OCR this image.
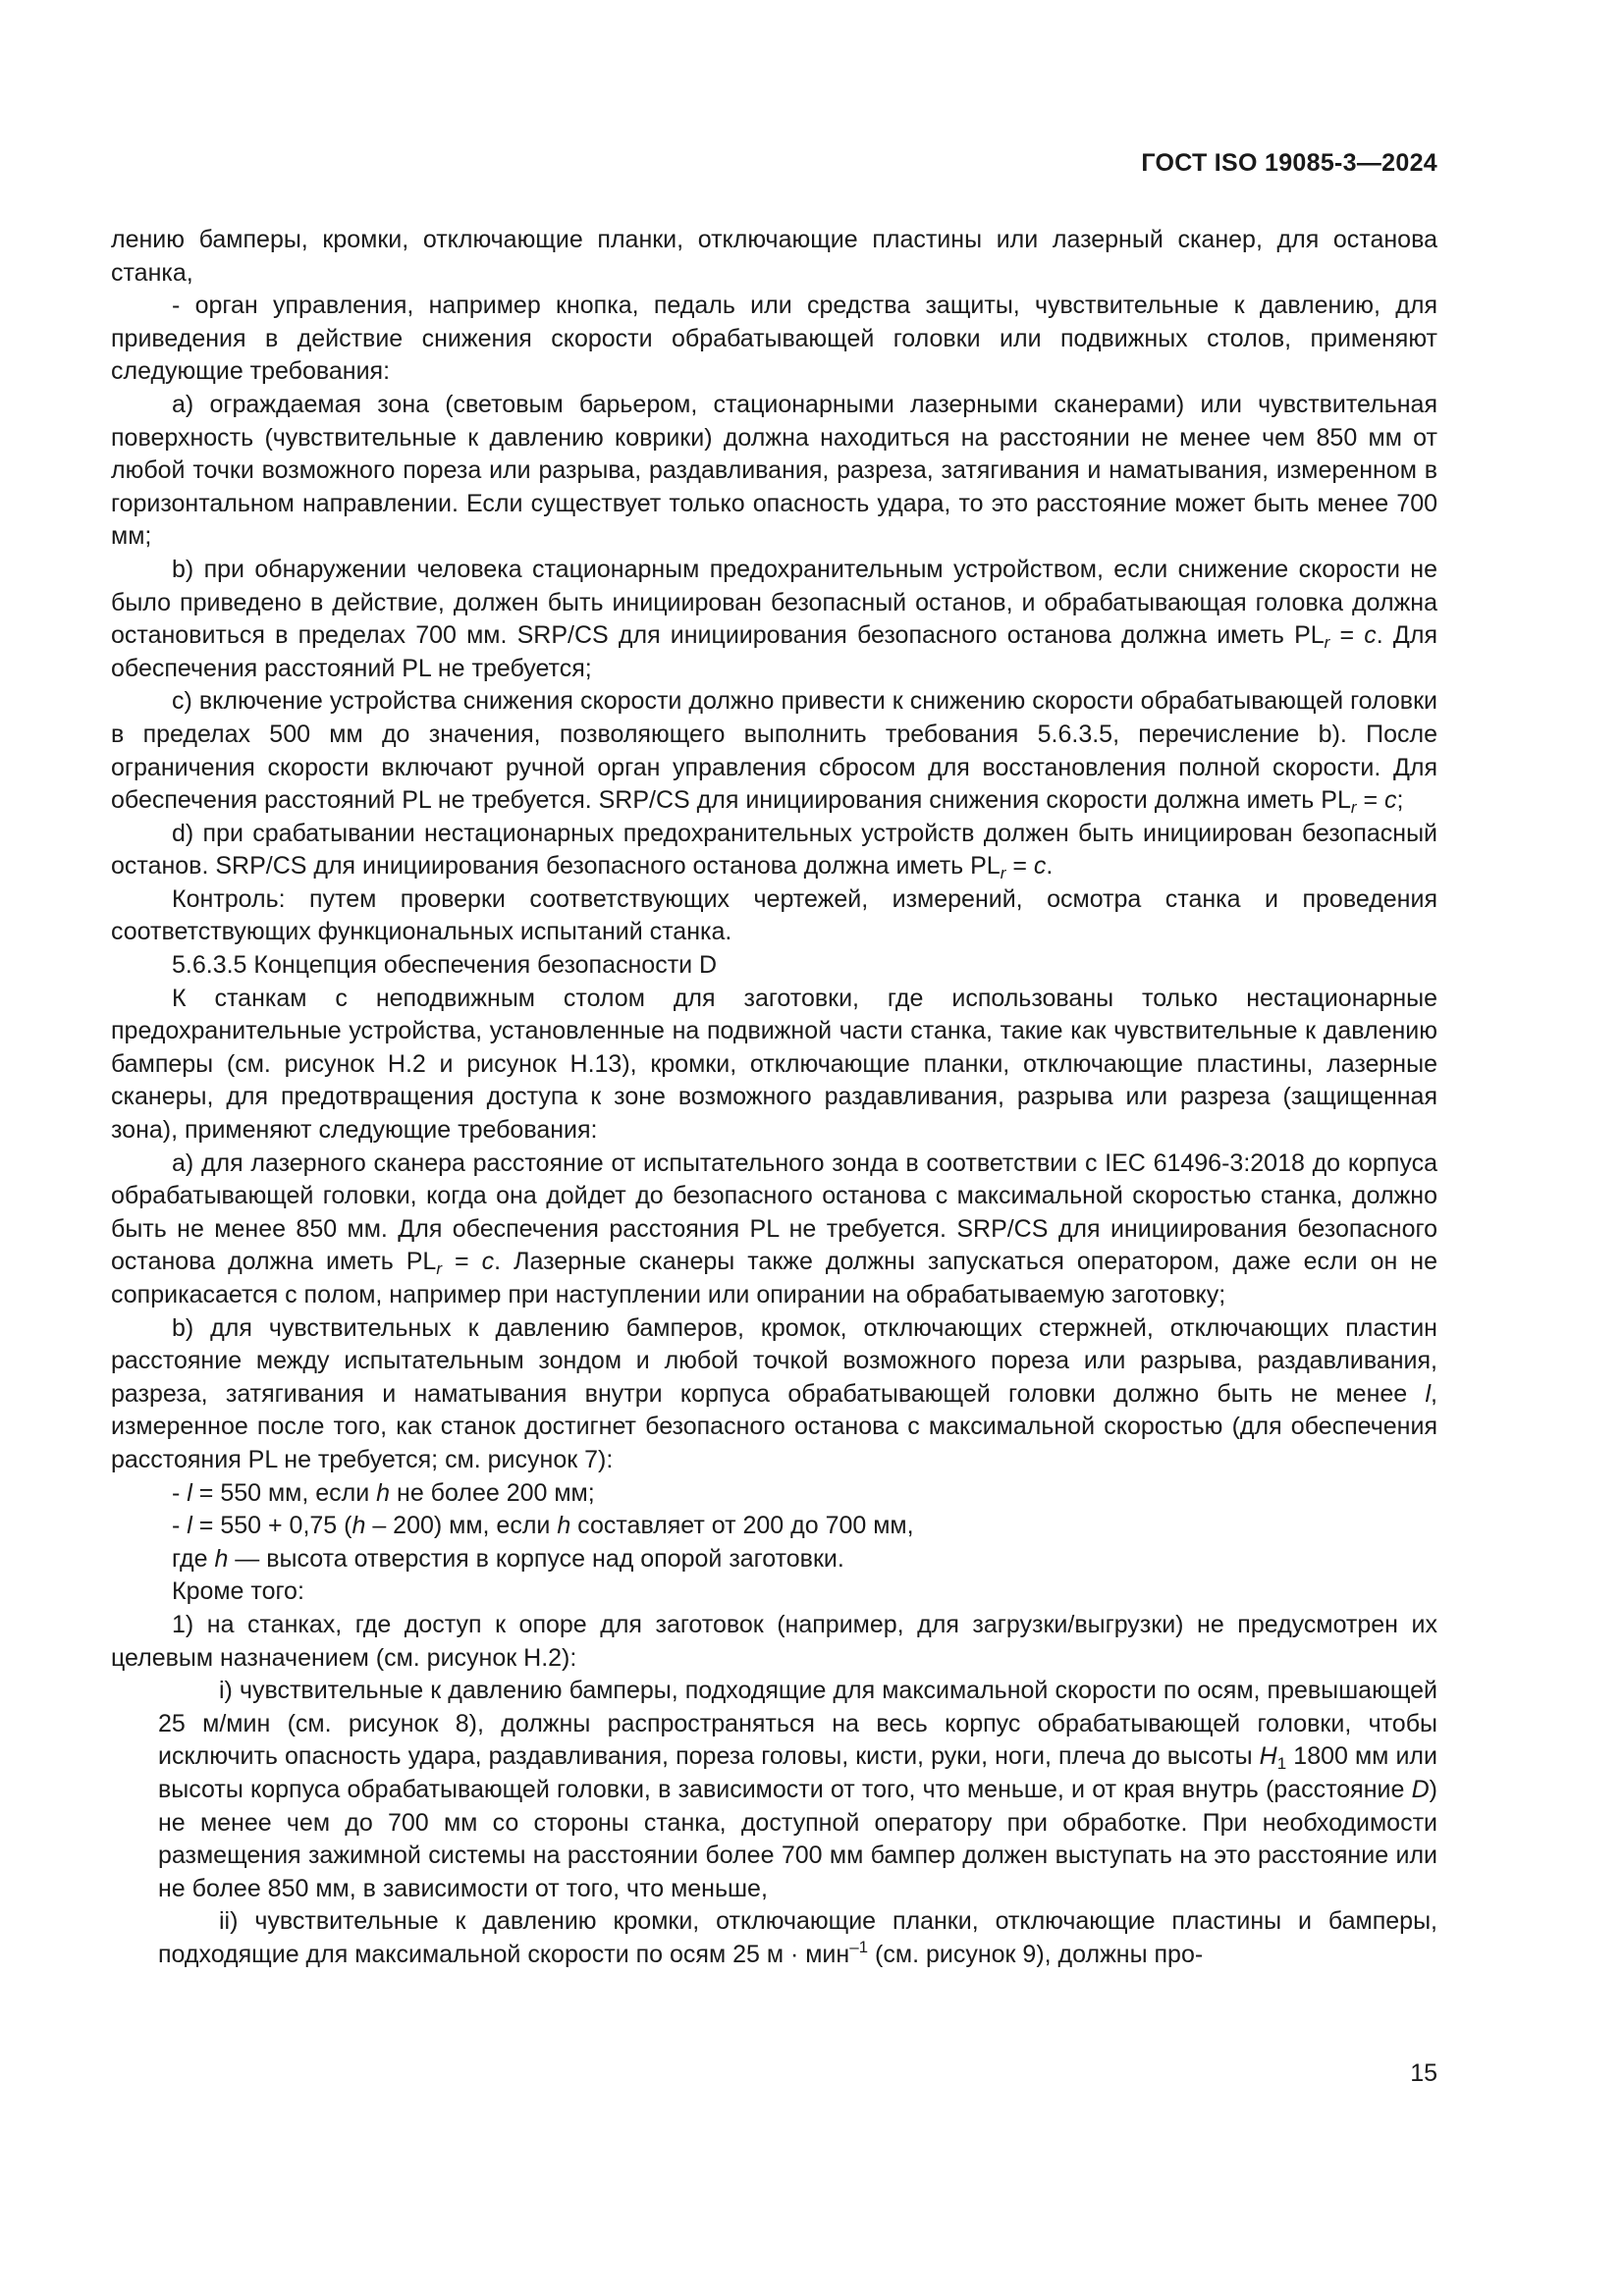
ГОСТ ISO 19085-3—2024

лению бамперы, кромки, отключающие планки, отключающие пластины или лазерный сканер, для останова станка,

- орган управления, например кнопка, педаль или средства защиты, чувствительные к давлению, для приведения в действие снижения скорости обрабатывающей головки или подвижных столов, применяют следующие требования:

а) ограждаемая зона (световым барьером, стационарными лазерными сканерами) или чувствительная поверхность (чувствительные к давлению коврики) должна находиться на расстоянии не менее чем 850 мм от любой точки возможного пореза или разрыва, раздавливания, разреза, затягивания и наматывания, измеренном в горизонтальном направлении. Если существует только опасность удара, то это расстояние может быть менее 700 мм;

b) при обнаружении человека стационарным предохранительным устройством, если снижение скорости не было приведено в действие, должен быть инициирован безопасный останов, и обрабатывающая головка должна остановиться в пределах 700 мм. SRP/CS для инициирования безопасного останова должна иметь $PL_r = c$. Для обеспечения расстояний PL не требуется;

c) включение устройства снижения скорости должно привести к снижению скорости обрабатывающей головки в пределах 500 мм до значения, позволяющего выполнить требования 5.6.3.5, перечисление b). После ограничения скорости включают ручной орган управления сбросом для восстановления полной скорости. Для обеспечения расстояний PL не требуется. SRP/CS для инициирования снижения скорости должна иметь $PL_r = c$;

d) при срабатывании нестационарных предохранительных устройств должен быть инициирован безопасный останов. SRP/CS для инициирования безопасного останова должна иметь $PL_r = c$.

Контроль: путем проверки соответствующих чертежей, измерений, осмотра станка и проведения соответствующих функциональных испытаний станка.

5.6.3.5 Концепция обеспечения безопасности D

К станкам с неподвижным столом для заготовки, где использованы только нестационарные предохранительные устройства, установленные на подвижной части станка, такие как чувствительные к давлению бамперы (см. рисунок Н.2 и рисунок Н.13), кромки, отключающие планки, отключающие пластины, лазерные сканеры, для предотвращения доступа к зоне возможного раздавливания, разрыва или разреза (защищенная зона), применяют следующие требования:

a) для лазерного сканера расстояние от испытательного зонда в соответствии с IEC 61496-3:2018 до корпуса обрабатывающей головки, когда она дойдет до безопасного останова с максимальной скоростью станка, должно быть не менее 850 мм. Для обеспечения расстояния PL не требуется. SRP/CS для инициирования безопасного останова должна иметь $PL_r = c$. Лазерные сканеры также должны запускаться оператором, даже если он не соприкасается с полом, например при наступлении или опирании на обрабатываемую заготовку;

b) для чувствительных к давлению бамперов, кромок, отключающих стержней, отключающих пластин расстояние между испытательным зондом и любой точкой возможного пореза или разрыва, раздавливания, разреза, затягивания и наматывания внутри корпуса обрабатывающей головки должно быть не менее l, измеренное после того, как станок достигнет безопасного останова с максимальной скоростью (для обеспечения расстояния PL не требуется; см. рисунок 7):

- l = 550 мм, если h не более 200 мм;

- l = 550 + 0,75 (h – 200) мм, если h составляет от 200 до 700 мм,

где h — высота отверстия в корпусе над опорой заготовки.

Кроме того:

1) на станках, где доступ к опоре для заготовок (например, для загрузки/выгрузки) не предусмотрен их целевым назначением (см. рисунок Н.2):

i) чувствительные к давлению бамперы, подходящие для максимальной скорости по осям, превышающей 25 м/мин (см. рисунок 8), должны распространяться на весь корпус обрабатывающей головки, чтобы исключить опасность удара, раздавливания, пореза головы, кисти, руки, ноги, плеча до высоты $H_1$ 1800 мм или высоты корпуса обрабатывающей головки, в зависимости от того, что меньше, и от края внутрь (расстояние D) не менее чем до 700 мм со стороны станка, доступной оператору при обработке. При необходимости размещения зажимной системы на расстоянии более 700 мм бампер должен выступать на это расстояние или не более 850 мм, в зависимости от того, что меньше,

ii) чувствительные к давлению кромки, отключающие планки, отключающие пластины и бамперы, подходящие для максимальной скорости по осям 25 м · мин$^{-1}$ (см. рисунок 9), должны про-

15
